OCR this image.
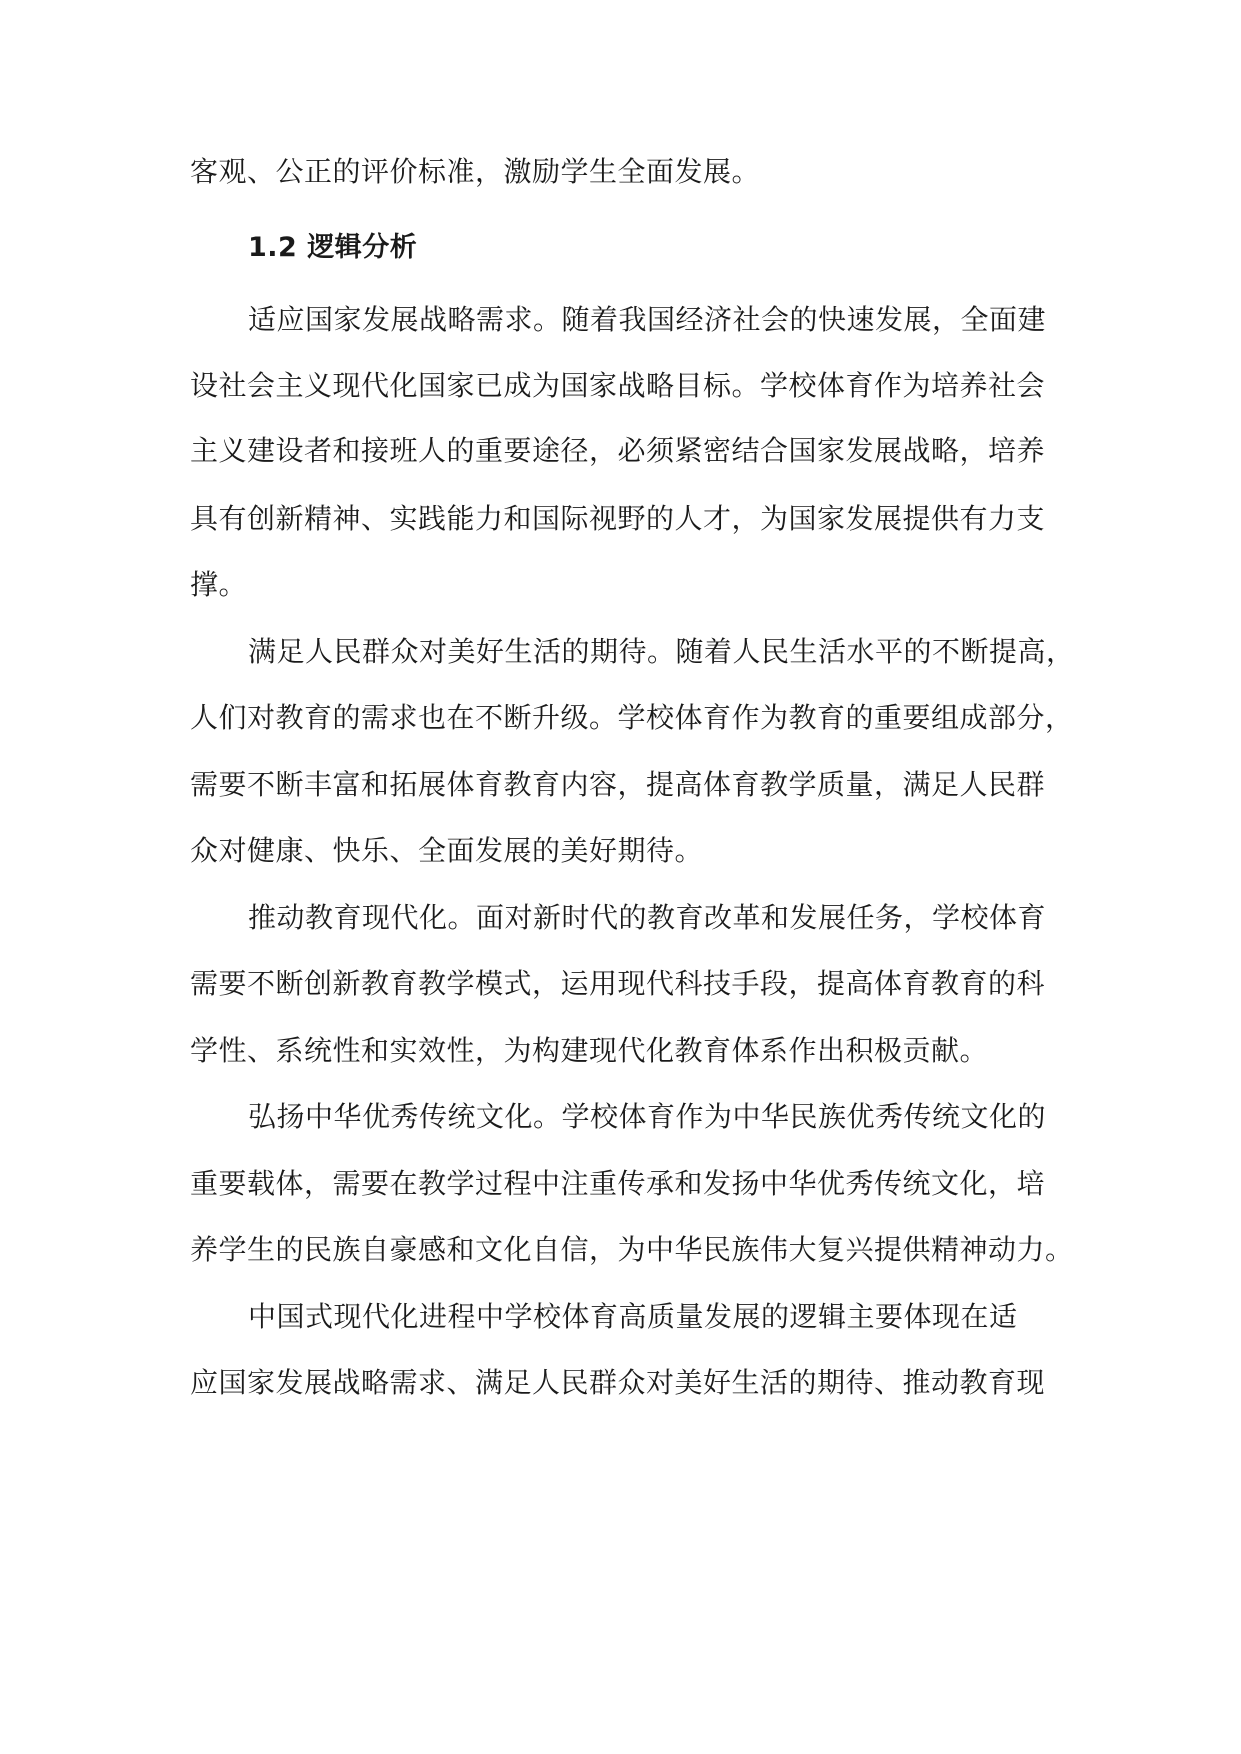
客观、公正的评价标准，激励学生全面发展。
1.2 逻辑分析
适应国家发展战略需求。随着我国经济社会的快速发展，全面建
设社会主义现代化国家已成为国家战略目标。学校体育作为培养社会
主义建设者和接班人的重要途径，必须紧密结合国家发展战略，培养
具有创新精神、实践能力和国际视野的人才，为国家发展提供有力支
撑。
满足人民群众对美好生活的期待。随着人民生活水平的不断提高，
人们对教育的需求也在不断升级。学校体育作为教育的重要组成部分，
需要不断丰富和拓展体育教育内容，提高体育教学质量，满足人民群
众对健康、快乐、全面发展的美好期待。
推动教育现代化。面对新时代的教育改革和发展任务，学校体育
需要不断创新教育教学模式，运用现代科技手段，提高体育教育的科
学性、系统性和实效性，为构建现代化教育体系作出积极贡献。
弘扬中华优秀传统文化。学校体育作为中华民族优秀传统文化的
重要载体，需要在教学过程中注重传承和发扬中华优秀传统文化，培
养学生的民族自豪感和文化自信，为中华民族伟大复兴提供精神动力。
中国式现代化进程中学校体育高质量发展的逻辑主要体现在适
应国家发展战略需求、满足人民群众对美好生活的期待、推动教育现
